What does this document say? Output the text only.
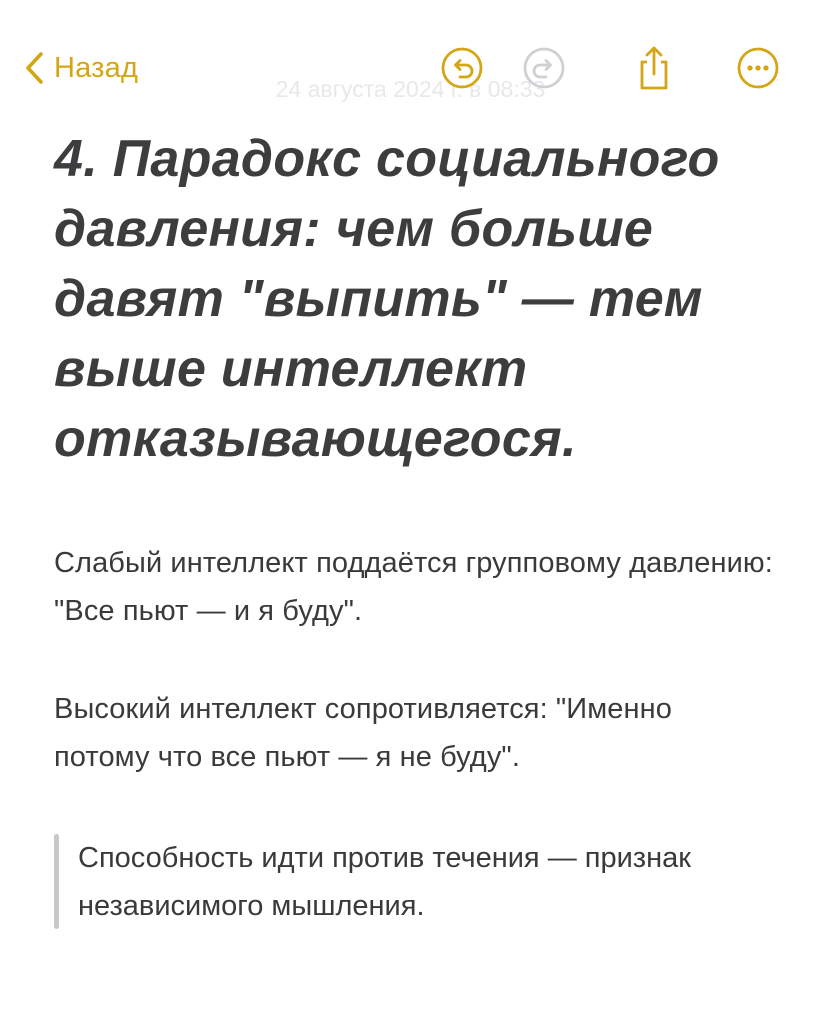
Назад
24 августа 2024 г. в 08:33
4. Парадокс социального давления: чем больше давят "выпить" — тем выше интеллект отказывающегося.

Слабый интеллект поддаётся групповому давлению: "Все пьют — и я буду".

Высокий интеллект сопротивляется: "Именно потому что все пьют — я не буду".

Способность идти против течения — признак независимого мышления.
